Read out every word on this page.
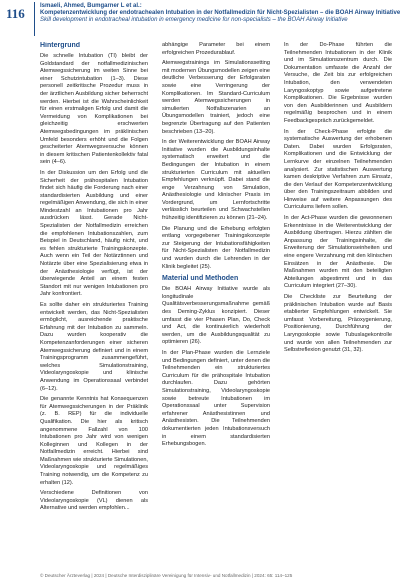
116	Ismaeli, Ahmed, Bumgarner L et al.:
Kompetenzentwicklung der endotrachealen Intubation in der Notfallmedizin für Nicht-Spezialisten – die BOAH Airway Initiative
Skill development in endotracheal intubation in emergency medicine for non-specialists – the BOAH Airway Initiative
Hintergrund

Die schnelle Intubation (TI) bleibt der Goldstandard der notfallmedizinischen Atemwegssicherung im weiten Sinne bei einer Schutzintubation (1–3). Diese personell zeitkritische Prozedur muss in der ärztlichen Ausbildung sicher beherrscht werden. Hierbei ist die Wahrscheinlichkeit für einen erstmaligen Erfolg und damit die Vermeidung von Komplikationen bei gleichzeitig erschwerten Atemwegsbedingungen im präklinischen Umfeld besonders erhöht und die Folgen gescheiterter Atemwegsversuche können in diesem kritischen Patientenkollektiv fatal sein (4–6).

In der Diskussion um den Erfolg und die Sicherheit der prähospitalen Intubation findet sich häufig die Forderung nach einer standardisierten Ausbildung und einer regelmäßigen Anwendung, die sich in einer Mindestzahl an Intubationen pro Jahr ausdrücken lässt. Gerade Nicht-Spezialisten der Notfallmedizin erreichen die empfohlenen Intubationszahlen, zum Beispiel in Deutschland, häufig nicht, und es fehlen strukturierte Trainingskonzepte. Auch wenn ein Teil der Notärztinnen und Notärzte über eine Spezialisierung etwa in der Anästhesiologie verfügt, ist der überwiegende Anteil an einem festen Standort mit nur wenigen Intubationen pro Jahr konfrontiert.

Es sollte daher ein strukturiertes Training entwickelt werden, das Nicht-Spezialisten ermöglicht, ausreichende praktische Erfahrung mit der Intubation zu sammeln. Dazu wurden kooperativ die Kompetenzanforderungen einer sicheren Atemwegssicherung definiert und in einem Trainingsprogramm zusammengeführt, welches Simulationstraining, Videolaryngoskopie und klinische Anwendung im Operationssaal verbindet (6–12).

Die genannte Kenntnis hat Konsequenzen für Atemwegssicherungen in der Präklinik (z. B. REP) für die individuelle Qualifikation. Die hier als kritisch angenommene Fallzahl von 100 Intubationen pro Jahr wird von wenigen Kolleginnen und Kollegen in der Notfallmedizin erreicht. Hierbei sind Maßnahmen wie strukturierte Simulationen, Videolaryngoskopie und regelmäßiges Training notwendig, um die Kompetenz zu erhalten (12).

Verschiedene Definitionen von Videolaryngoskopie (VL) dienen als Alternative und werden empfohlen...

abhängige Parameter bei einem erfolgreichen Prozedurablauf.

Atemwegstrainings im Simulationssetting mit modernen Übungsmodellen zeigen eine deutliche Verbesserung der Erfolgsraten sowie eine Verringerung der Komplikationen. Im Standard-Curriculum werden Atemwegssicherungen in simulierten Notfallszenarien an Übungsmodellen trainiert, jedoch eine begrenzte Übertragung auf den Patienten beschrieben (13–20).

In der Weiterentwicklung der BOAH Airway Initiative wurden die Ausbildungsinhalte systematisch erweitert und die Bedingungen der Intubation in einem strukturierten Curriculum mit aktuellen Empfehlungen verknüpft. Dabei stand die enge Verzahnung von Simulation, Anästhesiologie und klinischer Praxis im Vordergrund, um Lernfortschritte verlässlich beurteilen und Schwachstellen frühzeitig identifizieren zu können (21–24).

Die Planung und die Erhebung erfolgten entlang vorgegebener Trainingskonzepte zur Steigerung der Intubationsfähigkeiten für Nicht-Spezialisten der Notfallmedizin und wurden durch die Lehrenden in der Klinik begleitet (25).

Material und Methoden

Die BOAH Airway Initiative wurde als longitudinale Qualitätsverbesserungsmaßnahme gemäß des Deming-Zyklus konzipiert. Dieser umfasst die vier Phasen Plan, Do, Check und Act, die kontinuierlich wiederholt werden, um die Ausbildungsqualität zu optimieren (26).

In der Plan-Phase wurden die Lernziele und Bedingungen definiert, unter denen die Teilnehmenden ein strukturiertes Curriculum für die prähospitale Intubation durchlaufen. Dazu gehörten Simulationstraining, Videolaryngoskopie sowie betreute Intubationen im Operationssaal unter Supervision erfahrener Anästhesistinnen und Anästhesisten. Die Teilnehmenden dokumentierten jeden Intubationsversuch in einem standardisierten Erhebungsbogen.

In der Do-Phase führten die Teilnehmenden Intubationen in der Klinik und im Simulationszentrum durch. Die Dokumentation umfasste die Anzahl der Versuche, die Zeit bis zur erfolgreichen Intubation, den verwendeten Laryngoskoptyp sowie aufgetretene Komplikationen. Die Ergebnisse wurden von den Ausbilderinnen und Ausbildern regelmäßig besprochen und in einem Feedbackgespräch zurückgemeldet.

In der Check-Phase erfolgte die systematische Auswertung der erhobenen Daten. Dabei wurden Erfolgsraten, Komplikationen und die Entwicklung der Lernkurve der einzelnen Teilnehmenden analysiert. Zur statistischen Auswertung kamen deskriptive Verfahren zum Einsatz, die den Verlauf der Kompetenzentwicklung über den Trainingszeitraum abbilden und Hinweise auf weitere Anpassungen des Curriculums liefern sollen.

In der Act-Phase wurden die gewonnenen Erkenntnisse in die Weiterentwicklung der Ausbildung übertragen. Hierzu zählten die Anpassung der Trainingsinhalte, die Erweiterung der Simulationseinheiten und eine engere Verzahnung mit den klinischen Einsätzen in der Anästhesie. Die Maßnahmen wurden mit den beteiligten Abteilungen abgestimmt und in das Curriculum integriert (27–30).

Die Checkliste zur Beurteilung der präklinischen Intubation wurde auf Basis etablierter Empfehlungen entwickelt. Sie umfasst Vorbereitung, Präoxygenierung, Positionierung, Durchführung der Laryngoskopie sowie Tubuslagekontrolle und wurde von allen Teilnehmenden zur Selbstreflexion genutzt (31, 32).

© Deutscher Ärzteverlag | 2024 | Deutsche Interdisziplinäre Vereinigung für Intensiv- und Notfallmedizin | 2024: 65: 114–125
